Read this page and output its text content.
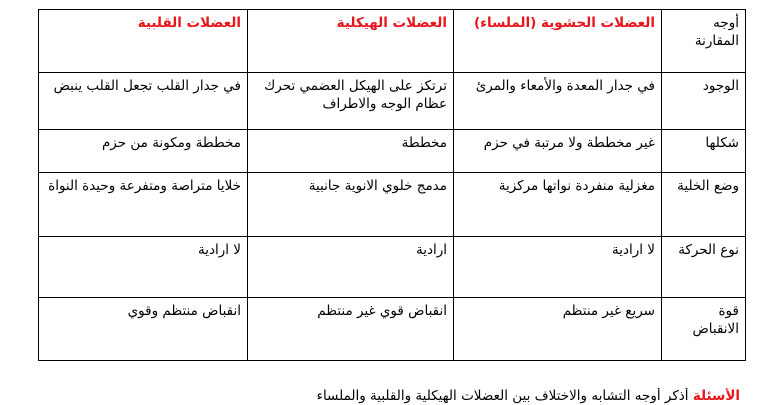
أوجه المقارنة	العضلات الحشوية (الملساء)	العضلات الهيكلية	العضلات القلبية
الوجود	في جدار المعدة والأمعاء والمرئ	ترتكز على الهيكل العضمي تحرك عظام الوجه والاطراف	في جدار القلب تجعل القلب ينبض
شكلها	غير مخططة ولا مرتبة في حزم	مخططة	مخططة ومكونة من حزم
وضع الخلية	مغزلية منفردة نواتها مركزية	مدمج خلوي الانوية جانبية	خلايا متراصة ومتفرعة وحيدة النواة
نوع الحركة	لا ارادية	ارادية	لا ارادية
قوة الانقباض	سريع غير منتظم	انقباض قوي غير منتظم	انقباض منتظم وقوي
الأسئلة أذكر أوجه التشابه والاختلاف بين العضلات الهيكلية والقلبية والملساء
